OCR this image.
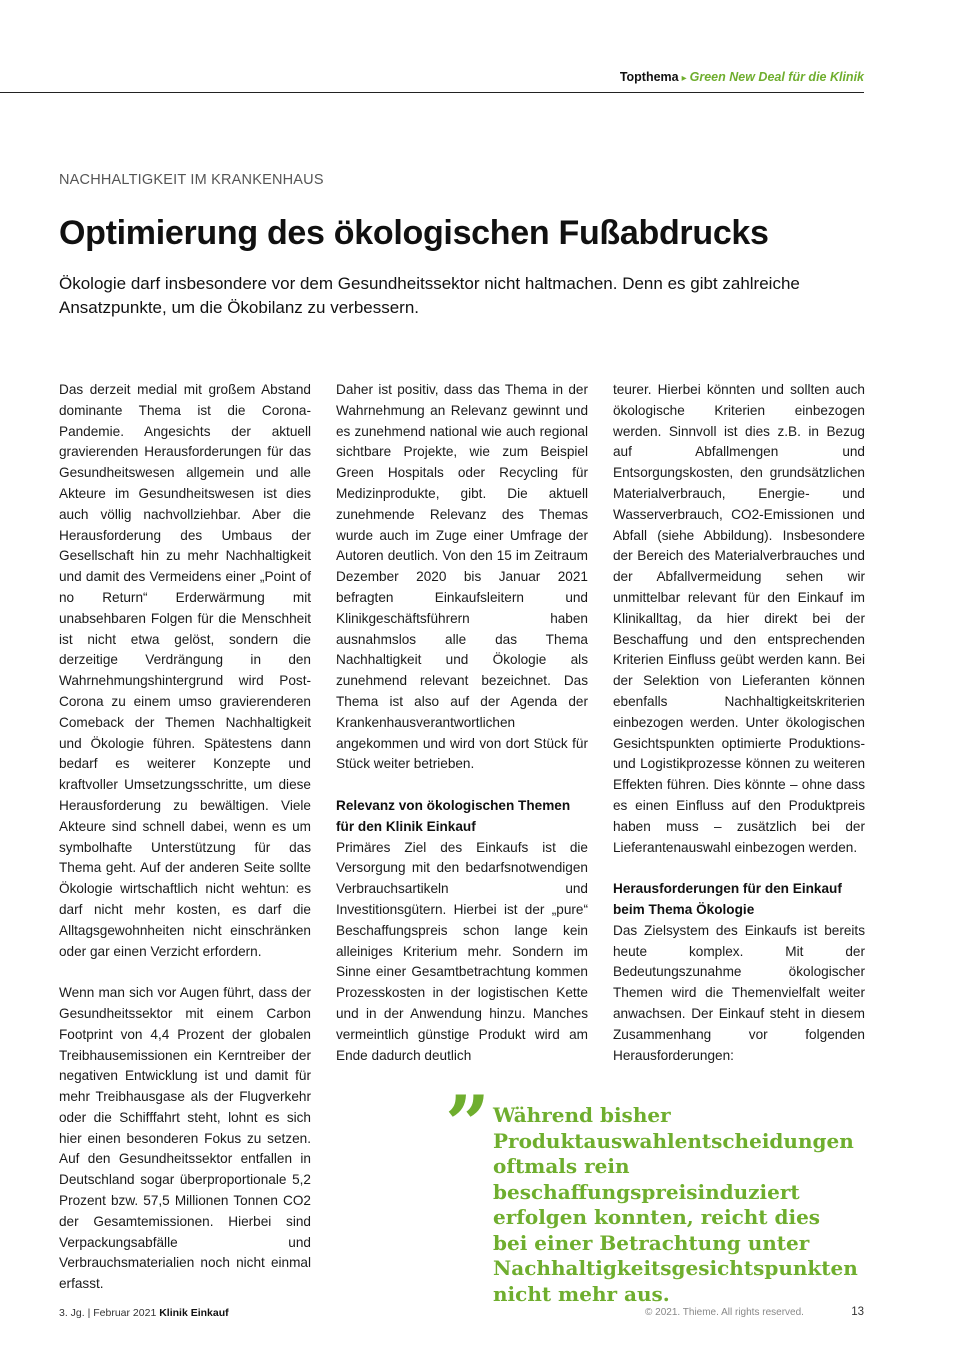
Topthema ▸ Green New Deal für die Klinik
NACHHALTIGKEIT IM KRANKENHAUS
Optimierung des ökologischen Fußabdrucks

Ökologie darf insbesondere vor dem Gesundheitssektor nicht haltmachen. Denn es gibt zahlreiche Ansatzpunkte, um die Ökobilanz zu verbessern.

Das derzeit medial mit großem Abstand dominante Thema ist die Corona-Pandemie. Angesichts der aktuell gravierenden Herausforderungen für das Gesundheitswesen allgemein und alle Akteure im Gesundheitswesen ist dies auch völlig nachvollziehbar. Aber die Herausforderung des Umbaus der Gesellschaft hin zu mehr Nachhaltigkeit und damit des Vermeidens einer „Point of no Return“ Erderwärmung mit unabsehbaren Folgen für die Menschheit ist nicht etwa gelöst, sondern die derzeitige Verdrängung in den Wahrnehmungshintergrund wird Post-Corona zu einem umso gravierenderen Comeback der Themen Nachhaltigkeit und Ökologie führen. Spätestens dann bedarf es weiterer Konzepte und kraftvoller Umsetzungsschritte, um diese Herausforderung zu bewältigen. Viele Akteure sind schnell dabei, wenn es um symbolhafte Unterstützung für das Thema geht. Auf der anderen Seite sollte Ökologie wirtschaftlich nicht wehtun: es darf nicht mehr kosten, es darf die Alltagsgewohnheiten nicht einschränken oder gar einen Verzicht erfordern.

Wenn man sich vor Augen führt, dass der Gesundheitssektor mit einem Carbon Footprint von 4,4 Prozent der globalen Treibhausemissionen ein Kerntreiber der negativen Entwicklung ist und damit für mehr Treibhausgase als der Flugverkehr oder die Schifffahrt steht, lohnt es sich hier einen besonderen Fokus zu setzen. Auf den Gesundheitssektor entfallen in Deutschland sogar überproportionale 5,2 Prozent bzw. 57,5 Millionen Tonnen CO2 der Gesamtemissionen. Hierbei sind Verpackungsabfälle und Verbrauchsmaterialien noch nicht einmal erfasst.

Daher ist positiv, dass das Thema in der Wahrnehmung an Relevanz gewinnt und es zunehmend national wie auch regional sichtbare Projekte, wie zum Beispiel Green Hospitals oder Recycling für Medizinprodukte, gibt. Die aktuell zunehmende Relevanz des Themas wurde auch im Zuge einer Umfrage der Autoren deutlich. Von den 15 im Zeitraum Dezember 2020 bis Januar 2021 befragten Einkaufsleitern und Klinikgeschäftsführern haben ausnahmslos alle das Thema Nachhaltigkeit und Ökologie als zunehmend relevant bezeichnet. Das Thema ist also auf der Agenda der Krankenhausverantwortlichen angekommen und wird von dort Stück für Stück weiter betrieben.

Relevanz von ökologischen Themen für den Klinik Einkauf

Primäres Ziel des Einkaufs ist die Versorgung mit den bedarfsnotwendigen Verbrauchsartikeln und Investitionsgütern. Hierbei ist der „pure“ Beschaffungspreis schon lange kein alleiniges Kriterium mehr. Sondern im Sinne einer Gesamtbetrachtung kommen Prozesskosten in der logistischen Kette und in der Anwendung hinzu. Manches vermeintlich günstige Produkt wird am Ende dadurch deutlich

teurer. Hierbei könnten und sollten auch ökologische Kriterien einbezogen werden. Sinnvoll ist dies z.B. in Bezug auf Abfallmengen und Entsorgungskosten, den grundsätzlichen Materialverbrauch, Energie- und Wasserverbrauch, CO2-Emissionen und Abfall (siehe Abbildung). Insbesondere der Bereich des Materialverbrauches und der Abfallvermeidung sehen wir unmittelbar relevant für den Einkauf im Klinikalltag, da hier direkt bei der Beschaffung und den entsprechenden Kriterien Einfluss geübt werden kann. Bei der Selektion von Lieferanten können ebenfalls Nachhaltigkeitskriterien einbezogen werden. Unter ökologischen Gesichtspunkten optimierte Produktions- und Logistikprozesse können zu weiteren Effekten führen. Dies könnte – ohne dass es einen Einfluss auf den Produktpreis haben muss – zusätzlich bei der Lieferantenauswahl einbezogen werden.

Herausforderungen für den Einkauf beim Thema Ökologie

Das Zielsystem des Einkaufs ist bereits heute komplex. Mit der Bedeutungszunahme ökologischer Themen wird die Themenvielfalt weiter anwachsen. Der Einkauf steht in diesem Zusammenhang vor folgenden Herausforderungen:

” Während bisher Produktauswahlentscheidungen oftmals rein beschaffungspreisinduziert erfolgen konnten, reicht dies bei einer Betrachtung unter Nachhaltigkeitsgesichtspunkten nicht mehr aus.

3. Jg. | Februar 2021 Klinik Einkauf	© 2021. Thieme. All rights reserved.	13
